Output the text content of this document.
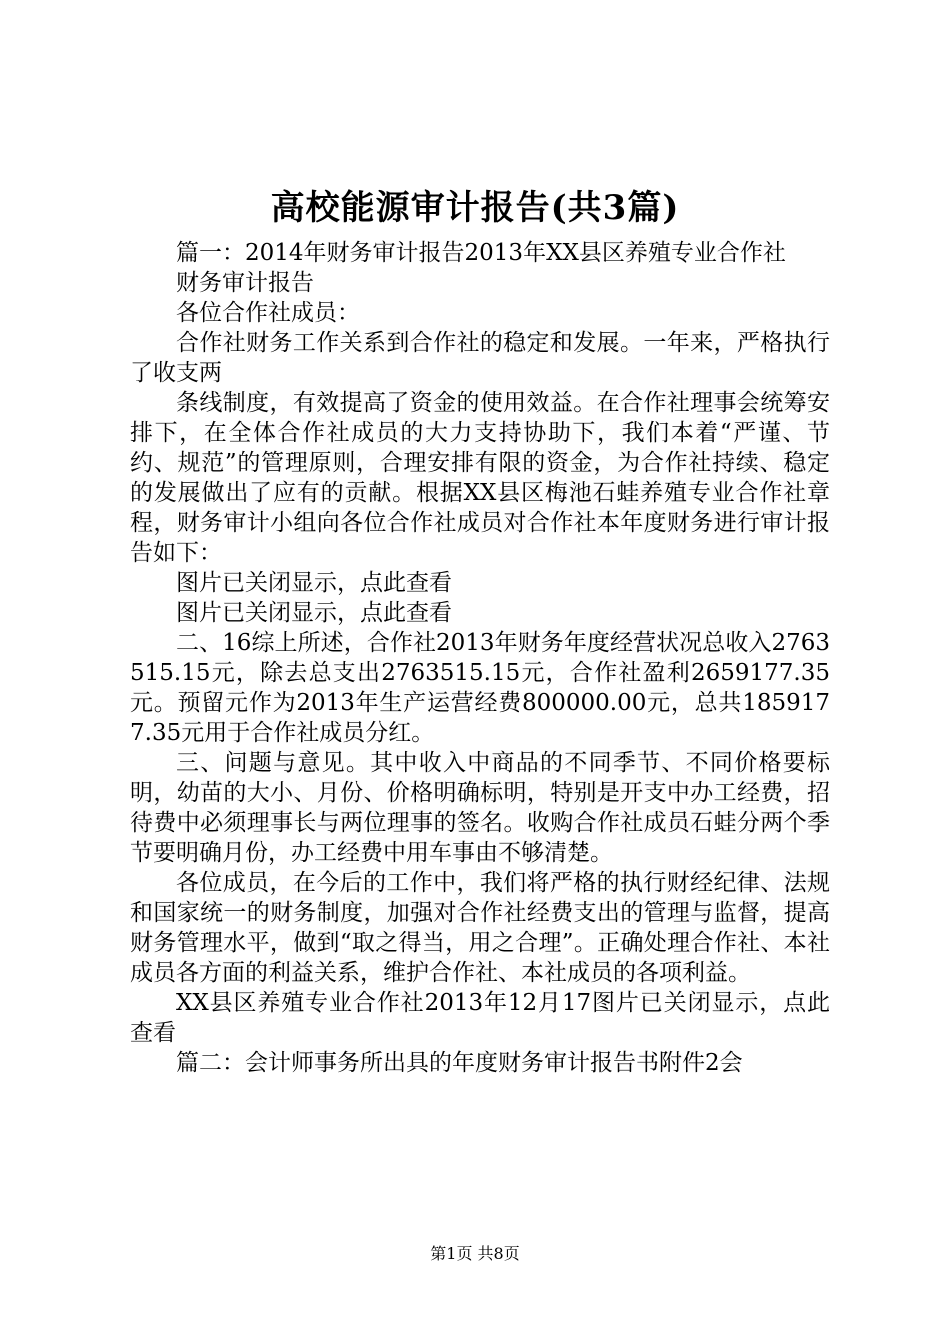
高校能源审计报告(共3篇)

篇一：2014年财务审计报告2013年XX县区养殖专业合作社

财务审计报告

各位合作社成员：

合作社财务工作关系到合作社的稳定和发展。一年来，严格执行了收支两

条线制度，有效提高了资金的使用效益。在合作社理事会统筹安排下，在全体合作社成员的大力支持协助下，我们本着“严谨、节约、规范”的管理原则，合理安排有限的资金，为合作社持续、稳定的发展做出了应有的贡献。根据XX县区梅池石蛙养殖专业合作社章程，财务审计小组向各位合作社成员对合作社本年度财务进行审计报告如下：

图片已关闭显示，点此查看

图片已关闭显示，点此查看

二、16综上所述，合作社2013年财务年度经营状况总收入2763515.15元，除去总支出2763515.15元，合作社盈利2659177.35元。预留元作为2013年生产运营经费800000.00元，总共1859177.35元用于合作社成员分红。

三、问题与意见。其中收入中商品的不同季节、不同价格要标明，幼苗的大小、月份、价格明确标明，特别是开支中办工经费，招待费中必须理事长与两位理事的签名。收购合作社成员石蛙分两个季节要明确月份，办工经费中用车事由不够清楚。

各位成员，在今后的工作中，我们将严格的执行财经纪律、法规和国家统一的财务制度，加强对合作社经费支出的管理与监督，提高财务管理水平，做到“取之得当，用之合理”。正确处理合作社、本社成员各方面的利益关系，维护合作社、本社成员的各项利益。

XX县区养殖专业合作社2013年12月17图片已关闭显示，点此查看

篇二：会计师事务所出具的年度财务审计报告书附件2会

第1页 共8页
